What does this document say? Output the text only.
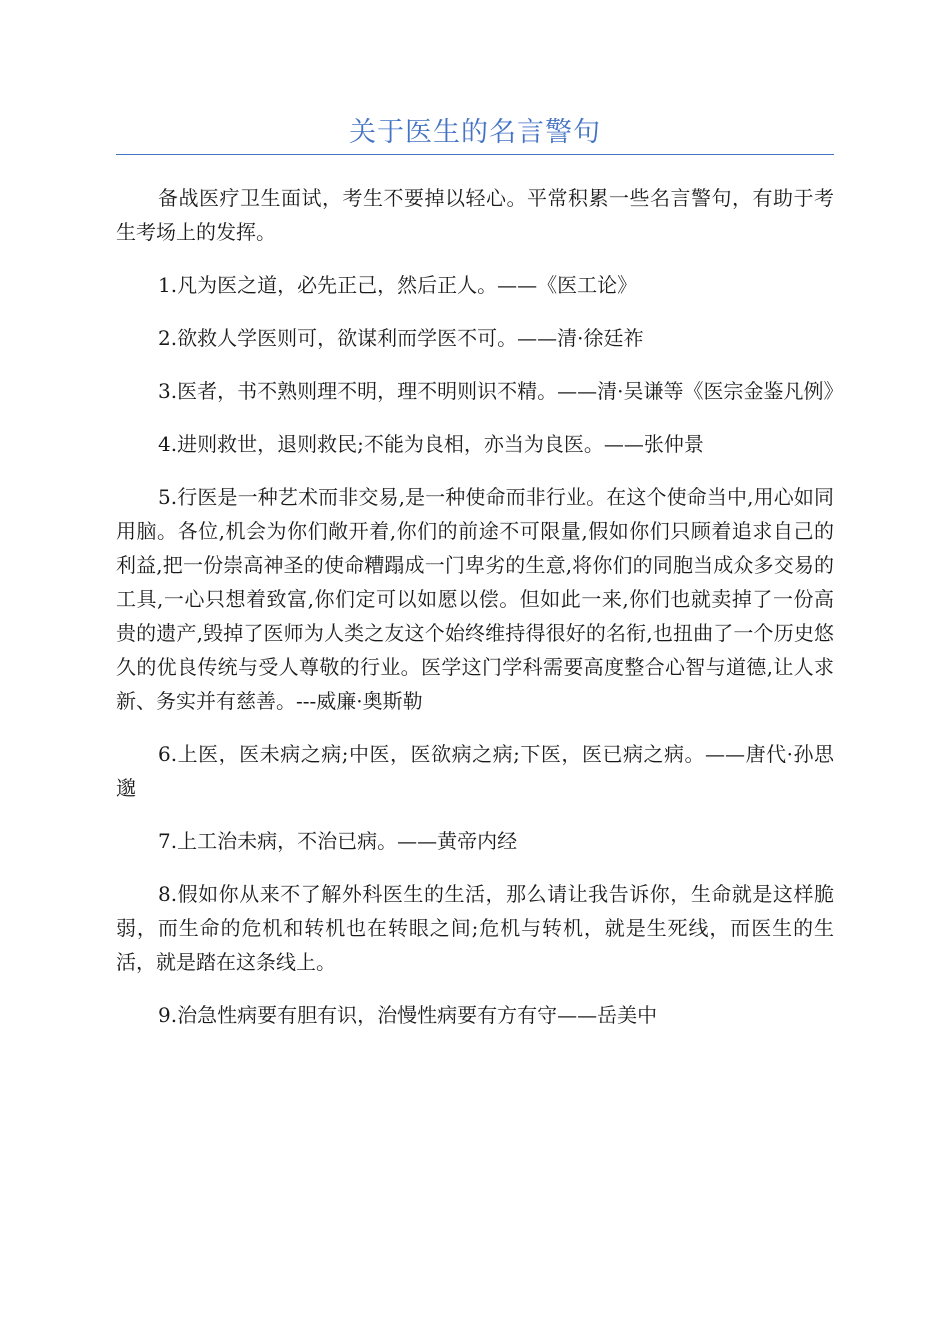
关于医生的名言警句

备战医疗卫生面试，考生不要掉以轻心。平常积累一些名言警句，有助于考生考场上的发挥。

1.凡为医之道，必先正己，然后正人。——《医工论》

2.欲救人学医则可，欲谋利而学医不可。——清·徐廷祚

3.医者，书不熟则理不明，理不明则识不精。——清·吴谦等《医宗金鉴凡例》

4.进则救世，退则救民;不能为良相，亦当为良医。——张仲景

5.行医是一种艺术而非交易,是一种使命而非行业。在这个使命当中,用心如同用脑。各位,机会为你们敞开着,你们的前途不可限量,假如你们只顾着追求自己的利益,把一份崇高神圣的使命糟蹋成一门卑劣的生意,将你们的同胞当成众多交易的工具,一心只想着致富,你们定可以如愿以偿。但如此一来,你们也就卖掉了一份高贵的遗产,毁掉了医师为人类之友这个始终维持得很好的名衔,也扭曲了一个历史悠久的优良传统与受人尊敬的行业。医学这门学科需要高度整合心智与道德,让人求新、务实并有慈善。---威廉·奥斯勒

6.上医，医未病之病;中医，医欲病之病;下医，医已病之病。——唐代·孙思邈

7.上工治未病，不治已病。——黄帝内经

8.假如你从来不了解外科医生的生活，那么请让我告诉你，生命就是这样脆弱，而生命的危机和转机也在转眼之间;危机与转机，就是生死线，而医生的生活，就是踏在这条线上。

9.治急性病要有胆有识，治慢性病要有方有守——岳美中
